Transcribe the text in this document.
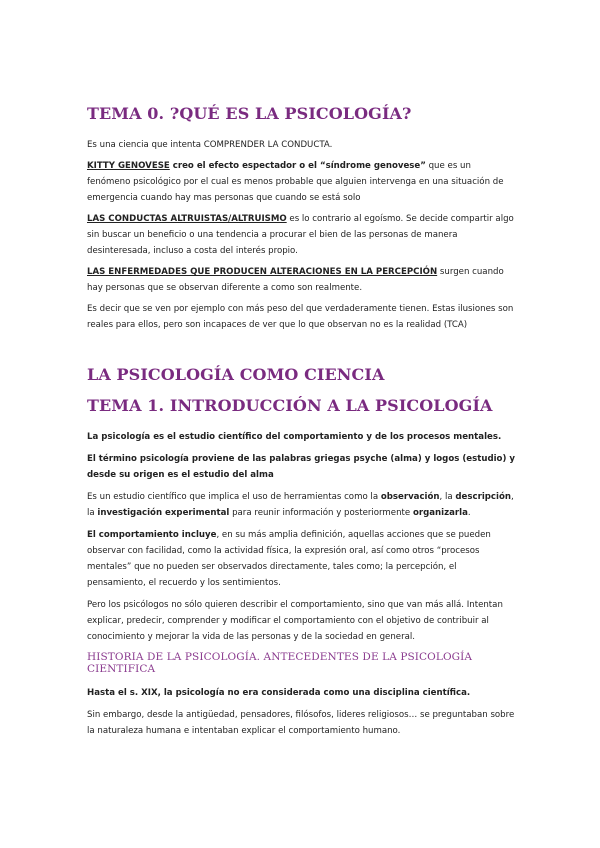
TEMA 0. ?QUÉ ES LA PSICOLOGÍA?

Es una ciencia que intenta COMPRENDER LA CONDUCTA.

KITTY GENOVESE creo el efecto espectador o el “síndrome genovese” que es un fenómeno psicológico por el cual es menos probable que alguien intervenga en una situación de emergencia cuando hay mas personas que cuando se está solo

LAS CONDUCTAS ALTRUISTAS/ALTRUISMO es lo contrario al egoísmo. Se decide compartir algo sin buscar un beneficio o una tendencia a procurar el bien de las personas de manera desinteresada, incluso a costa del interés propio.

LAS ENFERMEDADES QUE PRODUCEN ALTERACIONES EN LA PERCEPCIÓN surgen cuando hay personas que se observan diferente a como son realmente.

Es decir que se ven por ejemplo con más peso del que verdaderamente tienen. Estas ilusiones son reales para ellos, pero son incapaces de ver que lo que observan no es la realidad (TCA)

LA PSICOLOGÍA COMO CIENCIA
TEMA 1. INTRODUCCIÓN A LA PSICOLOGÍA

La psicología es el estudio científico del comportamiento y de los procesos mentales.

El término psicología proviene de las palabras griegas psyche (alma) y logos (estudio) y desde su origen es el estudio del alma

Es un estudio científico que implica el uso de herramientas como la observación, la descripción, la investigación experimental para reunir información y posteriormente organizarla.

El comportamiento incluye, en su más amplia definición, aquellas acciones que se pueden observar con facilidad, como la actividad física, la expresión oral, así como otros “procesos mentales” que no pueden ser observados directamente, tales como; la percepción, el pensamiento, el recuerdo y los sentimientos.

Pero los psicólogos no sólo quieren describir el comportamiento, sino que van más allá. Intentan explicar, predecir, comprender y modificar el comportamiento con el objetivo de contribuir al conocimiento y mejorar la vida de las personas y de la sociedad en general.

HISTORIA DE LA PSICOLOGÍA. ANTECEDENTES DE LA PSICOLOGÍA CIENTIFICA

Hasta el s. XIX, la psicología no era considerada como una disciplina científica.

Sin embargo, desde la antigüedad, pensadores, filósofos, lideres religiosos… se preguntaban sobre la naturaleza humana e intentaban explicar el comportamiento humano.
